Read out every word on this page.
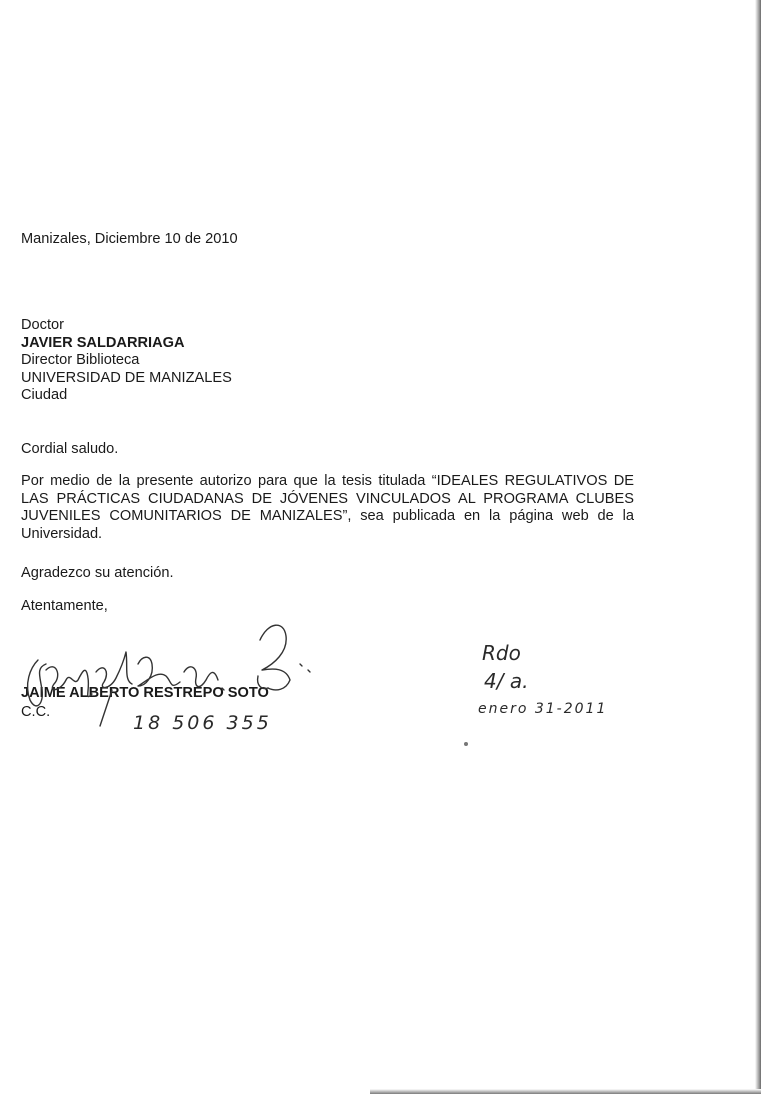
Manizales, Diciembre 10 de 2010

Doctor
JAVIER SALDARRIAGA
Director Biblioteca
UNIVERSIDAD DE MANIZALES
Ciudad

Cordial saludo.

Por medio de la presente autorizo para que la tesis titulada “IDEALES REGULATIVOS DE LAS PRÁCTICAS CIUDADANAS DE JÓVENES VINCULADOS AL PROGRAMA CLUBES JUVENILES COMUNITARIOS DE MANIZALES”, sea publicada en la página web de la Universidad.

Agradezco su atención.

Atentamente,

JAIME ALBERTO RESTREPO SOTO
C.C.	18 506 355
Rdo
4/ a.
enero 31-2011
